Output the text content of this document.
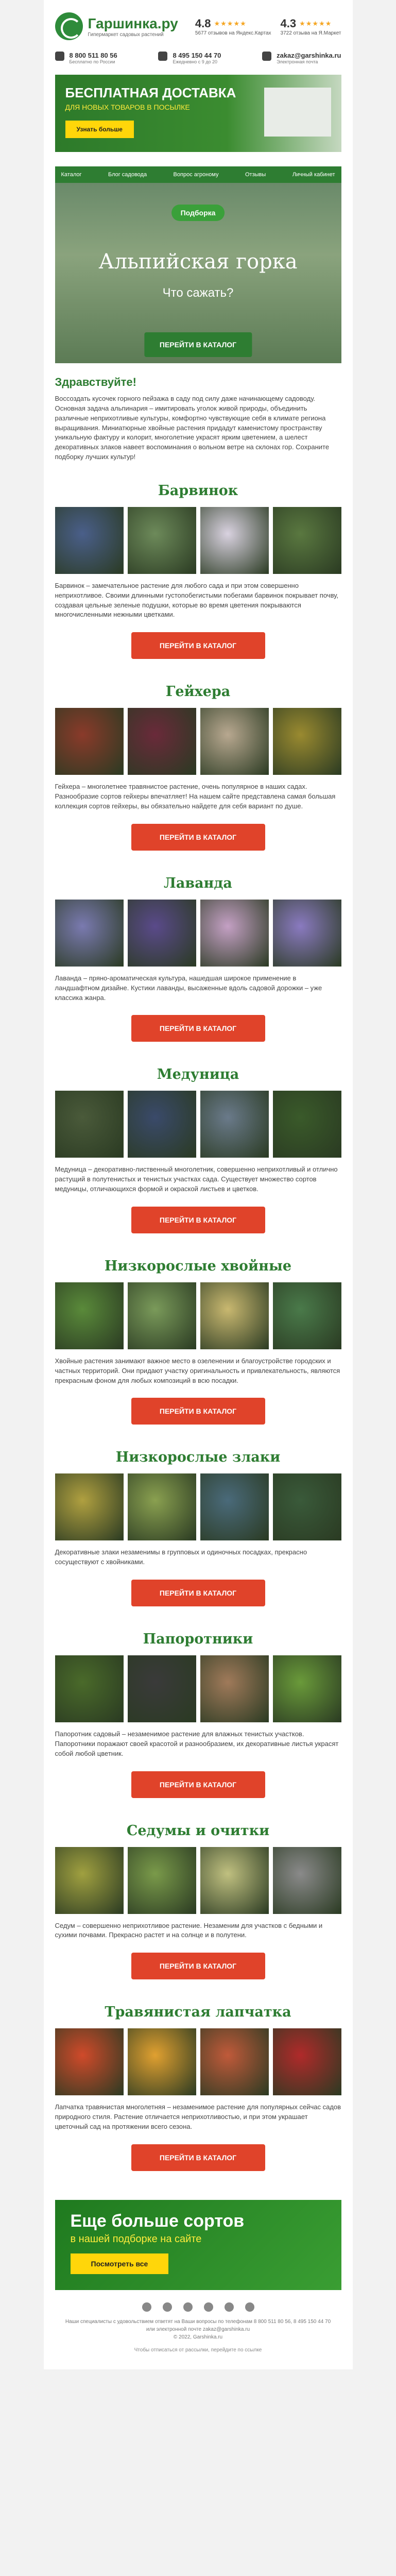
Гаршинка.ру
Гипермаркет садовых растений
4.8 ★★★★★
5677 отзывов на Яндекс.Картах
4.3 ★★★★★
3722 отзыва на Я.Маркет
8 800 511 80 56
Бесплатно по России
8 495 150 44 70
Ежедневно с 9 до 20
zakaz@garshinka.ru
Электронная почта
БЕСПЛАТНАЯ ДОСТАВКА
ДЛЯ НОВЫХ ТОВАРОВ В ПОСЫЛКЕ
Узнать больше
Каталог	Блог садовода	Вопрос агроному	Отзывы	Личный кабинет
Подборка
Альпийская горка
Что сажать?
ПЕРЕЙТИ В КАТАЛОГ
Здравствуйте!

Воссоздать кусочек горного пейзажа в саду под силу даже начинающему садоводу. Основная задача альпинария – имитировать уголок живой природы, объединить различные неприхотливые культуры, комфортно чувствующие себя в климате региона выращивания. Миниатюрные хвойные растения придадут каменистому пространству уникальную фактуру и колорит, многолетние украсят ярким цветением, а шелест декоративных злаков навеет воспоминания о вольном ветре на склонах гор. Сохраните подборку лучших культур!

Барвинок
Барвинок – замечательное растение для любого сада и при этом совершенно неприхотливое. Своими длинными густопобегистыми побегами барвинок покрывает почву, создавая цельные зеленые подушки, которые во время цветения покрываются многочисленными нежными цветками.
ПЕРЕЙТИ В КАТАЛОГ
Гейхера
Гейхера – многолетнее травянистое растение, очень популярное в наших садах. Разнообразие сортов гейхеры впечатляет! На нашем сайте представлена самая большая коллекция сортов гейхеры, вы обязательно найдете для себя вариант по душе.
ПЕРЕЙТИ В КАТАЛОГ
Лаванда
Лаванда – пряно-ароматическая культура, нашедшая широкое применение в ландшафтном дизайне. Кустики лаванды, высаженные вдоль садовой дорожки – уже классика жанра.
ПЕРЕЙТИ В КАТАЛОГ
Медуница
Медуница – декоративно-лиственный многолетник, совершенно неприхотливый и отлично растущий в полутенистых и тенистых участках сада. Существует множество сортов медуницы, отличающихся формой и окраской листьев и цветков.
ПЕРЕЙТИ В КАТАЛОГ
Низкорослые хвойные
Хвойные растения занимают важное место в озеленении и благоустройстве городских и частных территорий. Они придают участку оригинальность и привлекательность, являются прекрасным фоном для любых композиций в всю посадки.
ПЕРЕЙТИ В КАТАЛОГ
Низкорослые злаки
Декоративные злаки незаменимы в групповых и одиночных посадках, прекрасно сосуществуют с хвойниками.
ПЕРЕЙТИ В КАТАЛОГ
Папоротники
Папоротник садовый – незаменимое растение для влажных тенистых участков. Папоротники поражают своей красотой и разнообразием, их декоративные листья украсят собой любой цветник.
ПЕРЕЙТИ В КАТАЛОГ
Седумы и очитки
Седум – совершенно неприхотливое растение. Незаменим для участков с бедными и сухими почвами. Прекрасно растет и на солнце и в полутени.
ПЕРЕЙТИ В КАТАЛОГ
Травянистая лапчатка
Лапчатка травянистая многолетняя – незаменимое растение для популярных сейчас садов природного стиля. Растение отличается неприхотливостью, и при этом украшает цветочный сад на протяжении всего сезона.
ПЕРЕЙТИ В КАТАЛОГ
Еще больше сортов
в нашей подборке на сайте
Посмотреть все
Наши специалисты с удовольствием ответят на Ваши вопросы по телефонам 8 800 511 80 56, 8 495 150 44 70 или электронной почте zakaz@garshinka.ru
© 2022, Garshinka.ru
Чтобы отписаться от рассылки, перейдите по ссылке
